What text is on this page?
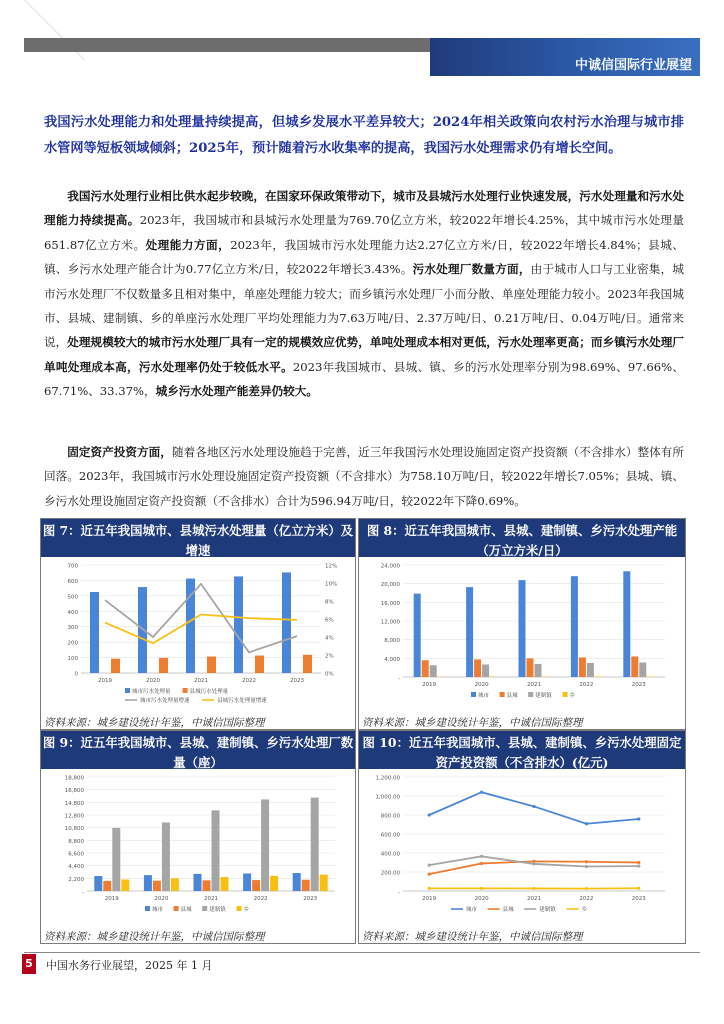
中诚信国际行业展望
我国污水处理能力和处理量持续提高，但城乡发展水平差异较大；2024年相关政策向农村污水治理与城市排水管网等短板领域倾斜；2025年，预计随着污水收集率的提高，我国污水处理需求仍有增长空间。
我国污水处理行业相比供水起步较晚，在国家环保政策带动下，城市及县城污水处理行业快速发展，污水处理量和污水处理能力持续提高。2023年，我国城市和县城污水处理量为769.70亿立方米，较2022年增长4.25%，其中城市污水处理量651.87亿立方米。处理能力方面，2023年，我国城市污水处理能力达2.27亿立方米/日，较2022年增长4.84%；县城、镇、乡污水处理产能合计为0.77亿立方米/日，较2022年增长3.43%。污水处理厂数量方面，由于城市人口与工业密集，城市污水处理厂不仅数量多且相对集中，单座处理能力较大；而乡镇污水处理厂小而分散、单座处理能力较小。2023年我国城市、县城、建制镇、乡的单座污水处理厂平均处理能力为7.63万吨/日、2.37万吨/日、0.21万吨/日、0.04万吨/日。通常来说，处理规模较大的城市污水处理厂具有一定的规模效应优势，单吨处理成本相对更低，污水处理率更高；而乡镇污水处理厂单吨处理成本高，污水处理率仍处于较低水平。2023年我国城市、县城、镇、乡的污水处理率分别为98.69%、97.66%、67.71%、33.37%，城乡污水处理产能差异仍较大。
固定资产投资方面，随着各地区污水处理设施趋于完善，近三年我国污水处理设施固定资产投资额（不含排水）整体有所回落。2023年，我国城市污水处理设施固定资产投资额（不含排水）为758.10万吨/日，较2022年增长7.05%；县城、镇、乡污水处理设施固定资产投资额（不含排水）合计为596.94万吨/日，较2022年下降0.69%。
图 7：近五年我国城市、县城污水处理量（亿立方米）及增速
0
100
200
300
400
500
600
700
0%
2%
4%
6%
8%
10%
12%
2019	2020	2021	2022	2023
城市污水处理量	县城污水处理量
城市污水处理量增速	县城污水处理量增速
资料来源：城乡建设统计年鉴，中诚信国际整理
图 8：近五年我国城市、县城、建制镇、乡污水处理产能 （万立方米/日）
-
4,000
8,000
12,000
16,000
20,000
24,000
2019	2020	2021	2022	2023
城市	县城	建制镇	乡
资料来源：城乡建设统计年鉴，中诚信国际整理
图 9：近五年我国城市、县城、建制镇、乡污水处理厂数量（座）
-
2,200
4,400
6,600
8,800
10,800
12,800
14,800
16,800
18,800
2019	2020	2021	2022	2023
城市	县城	建制镇	乡
资料来源：城乡建设统计年鉴，中诚信国际整理
图 10：近五年我国城市、县城、建制镇、乡污水处理固定资产投资额（不含排水）(亿元)
-
200.00
400.00
600.00
800.00
1,000.00
1,200.00
2019	2020	2021	2022	2023
城市	县城	建制镇	乡
资料来源：城乡建设统计年鉴，中诚信国际整理
5 中国水务行业展望，2025 年 1 月
